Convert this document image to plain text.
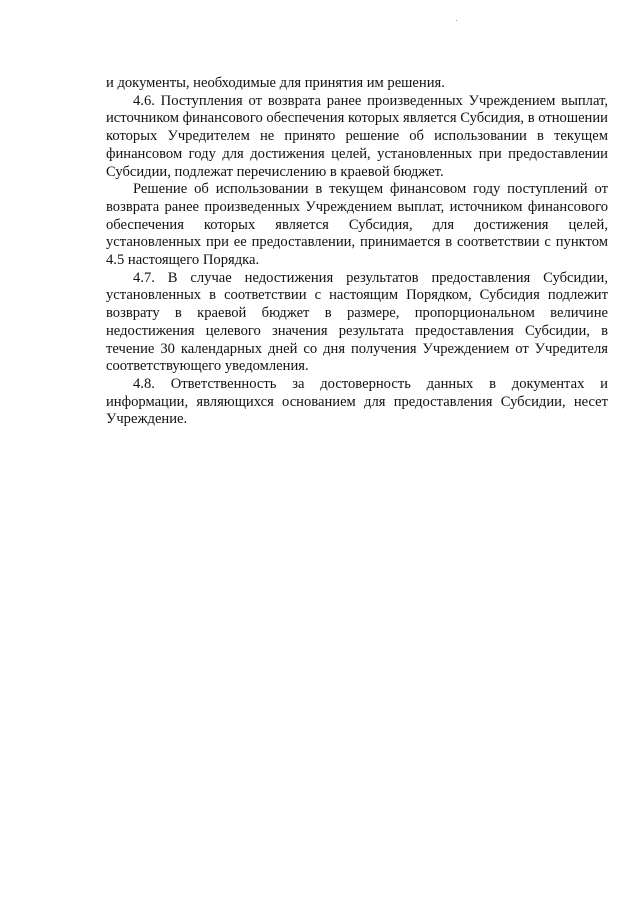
и документы, необходимые для принятия им решения.

4.6. Поступления от возврата ранее произведенных Учреждением выплат, источником финансового обеспечения которых является Субсидия, в отношении которых Учредителем не принято решение об использовании в текущем финансовом году для достижения целей, установленных при предоставлении Субсидии, подлежат перечислению в краевой бюджет.

Решение об использовании в текущем финансовом году поступлений от возврата ранее произведенных Учреждением выплат, источником финансового обеспечения которых является Субсидия, для достижения целей, установленных при ее предоставлении, принимается в соответствии с пунктом 4.5 настоящего Порядка.

4.7. В случае недостижения результатов предоставления Субсидии, установленных в соответствии с настоящим Порядком, Субсидия подлежит возврату в краевой бюджет в размере, пропорциональном величине недостижения целевого значения результата предоставления Субсидии, в течение 30 календарных дней со дня получения Учреждением от Учредителя соответствующего уведомления.

4.8. Ответственность за достоверность данных в документах и информации, являющихся основанием для предоставления Субсидии, несет Учреждение.
